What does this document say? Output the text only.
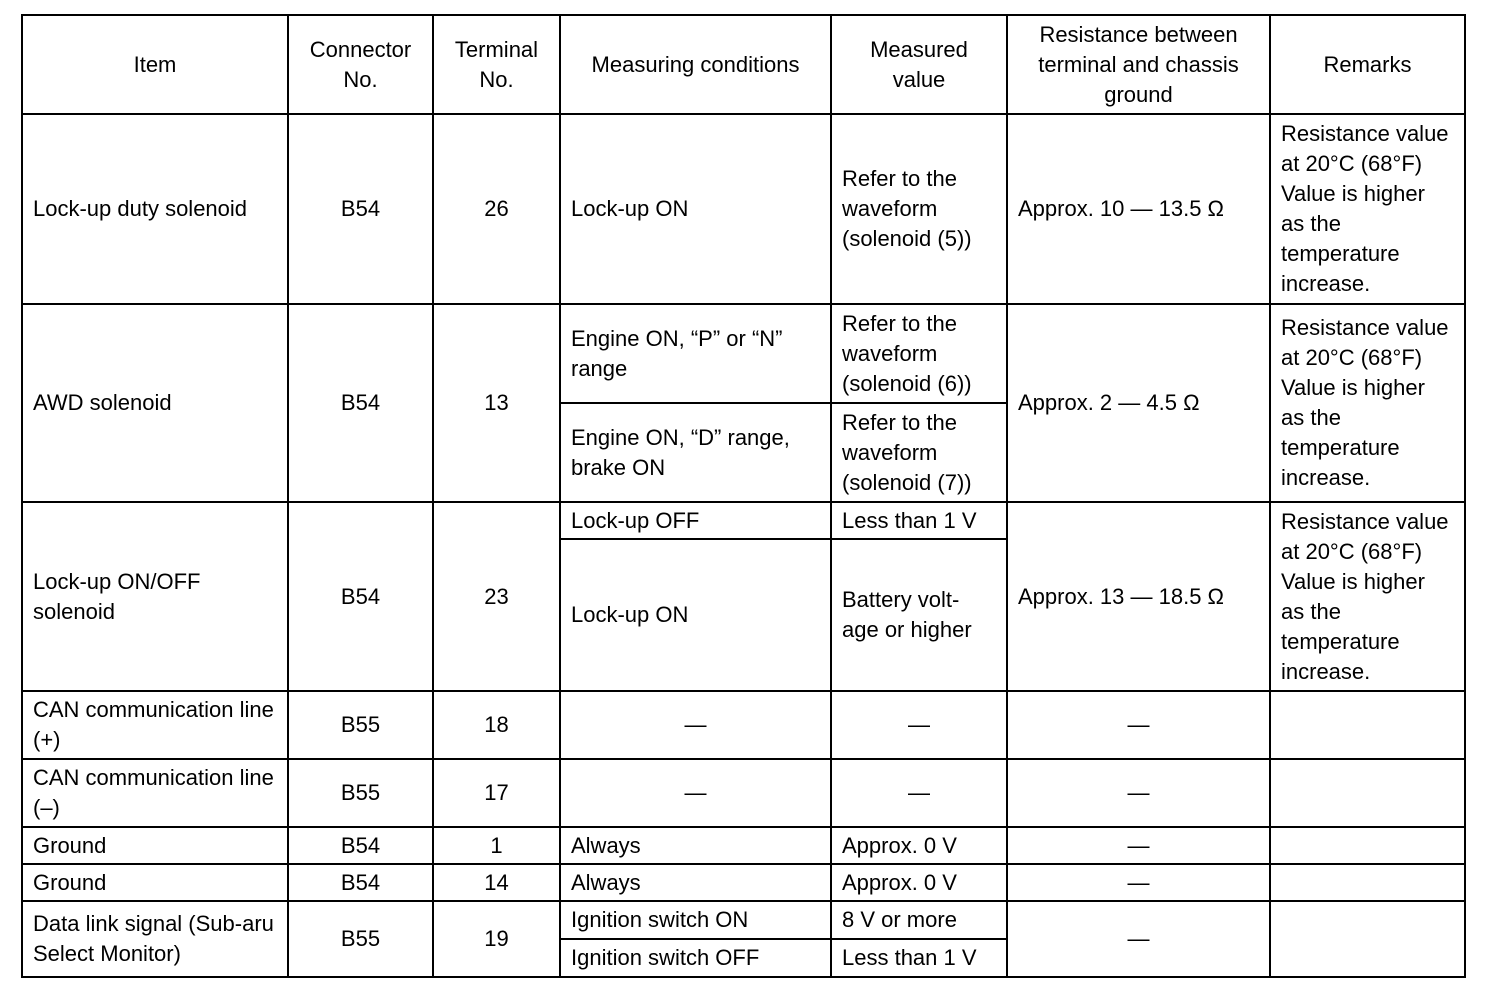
Item	Connector No.	Terminal No.	Measuring conditions	Measured value	Resistance between terminal and chassis ground	Remarks
Lock-up duty solenoid	B54	26	Lock-up ON	Refer to the waveform (solenoid (5))	Approx. 10 — 13.5 Ω	Resistance value at 20°C (68°F) Value is higher as the temperature increase.
AWD solenoid	B54	13	Engine ON, “P” or “N” range	Refer to the waveform (solenoid (6))	Approx. 2 — 4.5 Ω	Resistance value at 20°C (68°F) Value is higher as the temperature increase.
			Engine ON, “D” range, brake ON	Refer to the waveform (solenoid (7))		
Lock-up ON/OFF solenoid	B54	23	Lock-up OFF	Less than 1 V	Approx. 13 — 18.5 Ω	Resistance value at 20°C (68°F) Value is higher as the temperature increase.
			Lock-up ON	Battery volt-age or higher		
CAN communication line (+)	B55	18	—	—	—	
CAN communication line (–)	B55	17	—	—	—	
Ground	B54	1	Always	Approx. 0 V	—	
Ground	B54	14	Always	Approx. 0 V	—	
Data link signal (Sub-aru Select Monitor)	B55	19	Ignition switch ON	8 V or more	—	
			Ignition switch OFF	Less than 1 V		
